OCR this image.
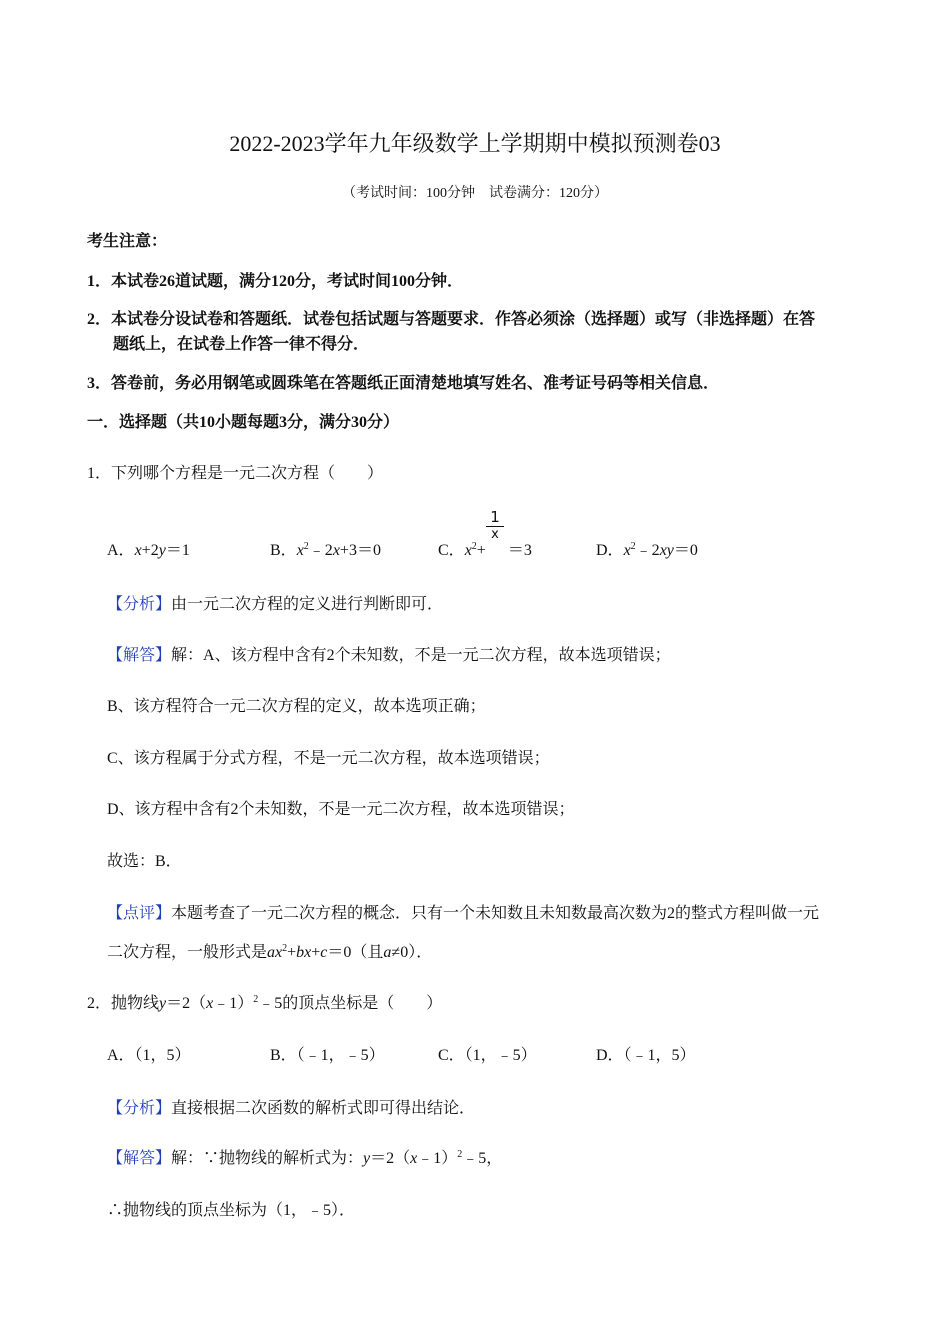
2022-2023学年九年级数学上学期期中模拟预测卷03
（考试时间：100分钟　试卷满分：120分）
考生注意：
1．本试卷26道试题，满分120分，考试时间100分钟．
2．本试卷分设试卷和答题纸．试卷包括试题与答题要求．作答必须涂（选择题）或写（非选择题）在答
题纸上，在试卷上作答一律不得分．
3．答卷前，务必用钢笔或圆珠笔在答题纸正面清楚地填写姓名、准考证号码等相关信息．
一．选择题（共10小题每题3分，满分30分）
1．下列哪个方程是一元二次方程（　　）
A．x+2y＝1	B．$x^2﹣2x+3=0$	C．$x^2+ =3$
$\frac{1}{x}$
D．$x^2﹣2xy=0$
【分析】由一元二次方程的定义进行判断即可．
【解答】解：A、该方程中含有2个未知数，不是一元二次方程，故本选项错误；
B、该方程符合一元二次方程的定义，故本选项正确；
C、该方程属于分式方程，不是一元二次方程，故本选项错误；
D、该方程中含有2个未知数，不是一元二次方程，故本选项错误；
故选：B．
【点评】本题考查了一元二次方程的概念．只有一个未知数且未知数最高次数为2的整式方程叫做一元
二次方程，一般形式是$ax^2+bx+c=0$（且a≠0）．
2．抛物线y＝2（x﹣1）$^2$﹣5的顶点坐标是（　　）
A．（1，5）	B．（﹣1，﹣5）	C．（1，﹣5）	D．（﹣1，5）
【分析】直接根据二次函数的解析式即可得出结论．
【解答】解：∵抛物线的解析式为：y＝2（x﹣1）$^2$﹣5，
∴抛物线的顶点坐标为（1，﹣5）．
